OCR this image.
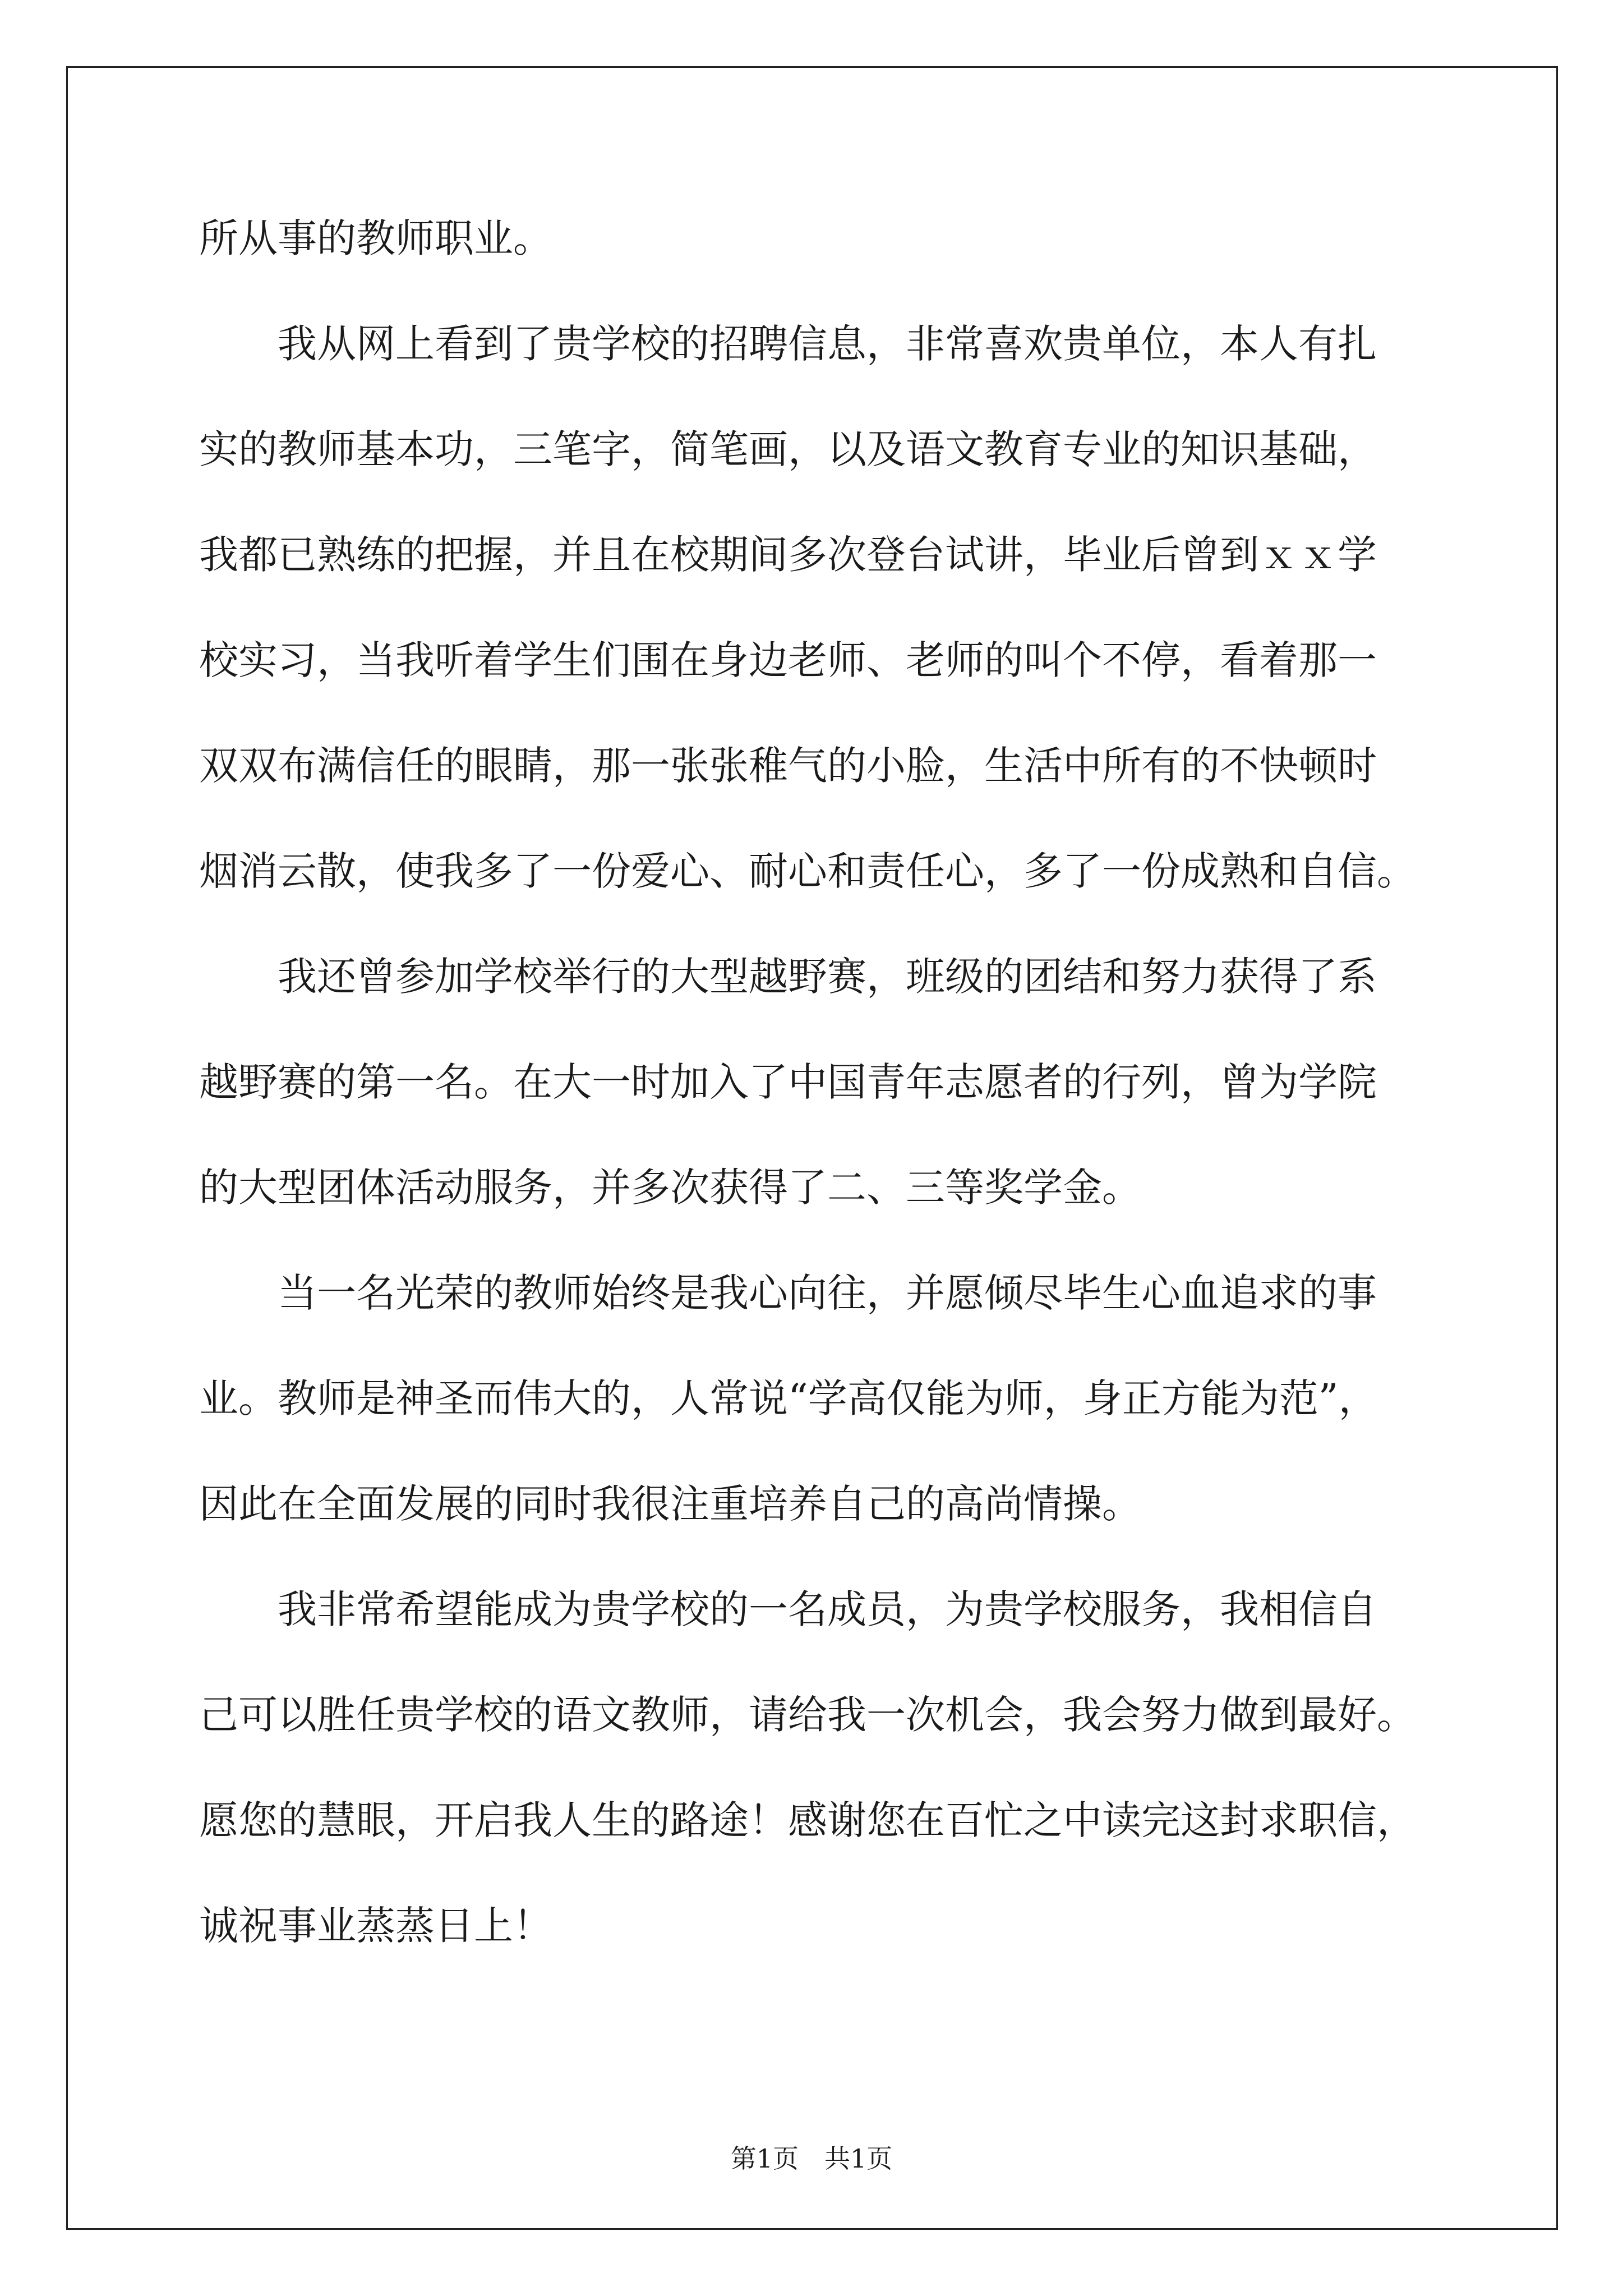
所从事的教师职业。
我从网上看到了贵学校的招聘信息，非常喜欢贵单位，本人有扎
实的教师基本功，三笔字，简笔画，以及语文教育专业的知识基础，
我都已熟练的把握，并且在校期间多次登台试讲，毕业后曾到ｘｘ学
校实习，当我听着学生们围在身边老师、老师的叫个不停，看着那一
双双布满信任的眼睛，那一张张稚气的小脸，生活中所有的不快顿时
烟消云散，使我多了一份爱心、耐心和责任心，多了一份成熟和自信。
我还曾参加学校举行的大型越野赛，班级的团结和努力获得了系
越野赛的第一名。在大一时加入了中国青年志愿者的行列，曾为学院
的大型团体活动服务，并多次获得了二、三等奖学金。
当一名光荣的教师始终是我心向往，并愿倾尽毕生心血追求的事
业。教师是神圣而伟大的，人常说“学高仅能为师，身正方能为范”，
因此在全面发展的同时我很注重培养自己的高尚情操。
我非常希望能成为贵学校的一名成员，为贵学校服务，我相信自
己可以胜任贵学校的语文教师，请给我一次机会，我会努力做到最好。
愿您的慧眼，开启我人生的路途！感谢您在百忙之中读完这封求职信，
诚祝事业蒸蒸日上！
第1页　共1页
